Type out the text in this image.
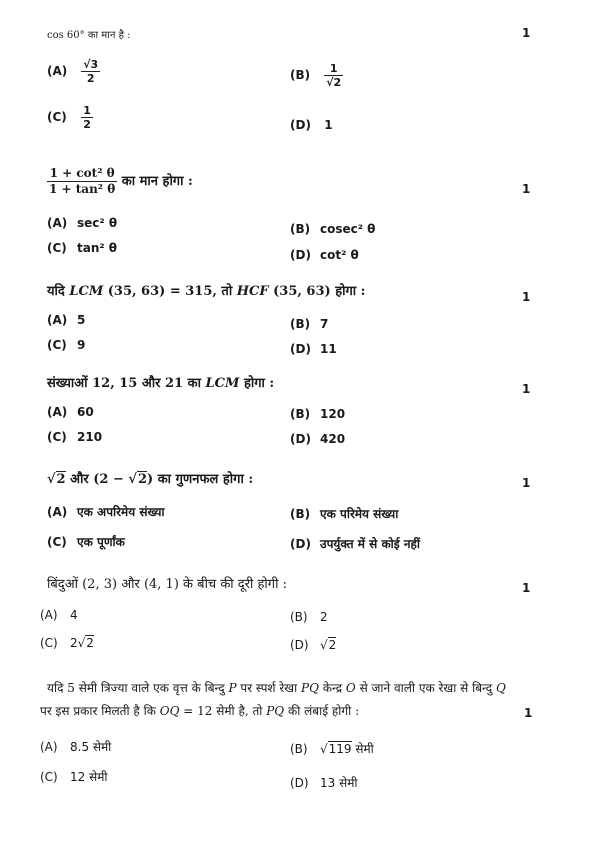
cos 60° का मान है :	1
$(A) \frac{√3}{2}$	$(B) \frac{1}{√2}$
$(C) \frac{1}{2}$	(D) 1
$\frac{\text{1 + cot² θ}}{\text{1 + tan² θ}}$ का मान होगा :	1
(A) sec² θ	(B) cosec² θ
(C) tan² θ	(D) cot² θ
यदि LCM (35, 63) = 315, तो HCF (35, 63) होगा :	1
(A) 5	(B) 7
(C) 9	(D) 11
संख्याओं 12, 15 और 21 का LCM होगा :	1
(A) 60	(B) 120
(C) 210	(D) 420
√2 और (2 − √2) का गुणनफल होगा :	1
(A) एक अपरिमेय संख्या	(B) एक परिमेय संख्या
(C) एक पूर्णांक	(D) उपर्युक्त में से कोई नहीं
बिंदुओं (2, 3) और (4, 1) के बीच की दूरी होगी :	1
(A) 4	(B) 2
(C) 2√2	(D) √2
यदि 5 सेमी त्रिज्या वाले एक वृत्त के बिन्दु P पर स्पर्श रेखा PQ केन्द्र O से जाने वाली एक रेखा से बिन्दु Q
पर इस प्रकार मिलती है कि OQ = 12 सेमी है, तो PQ की लंबाई होगी :	1
(A) 8.5 सेमी	(B) √119 सेमी
(C) 12 सेमी	(D) 13 सेमी
